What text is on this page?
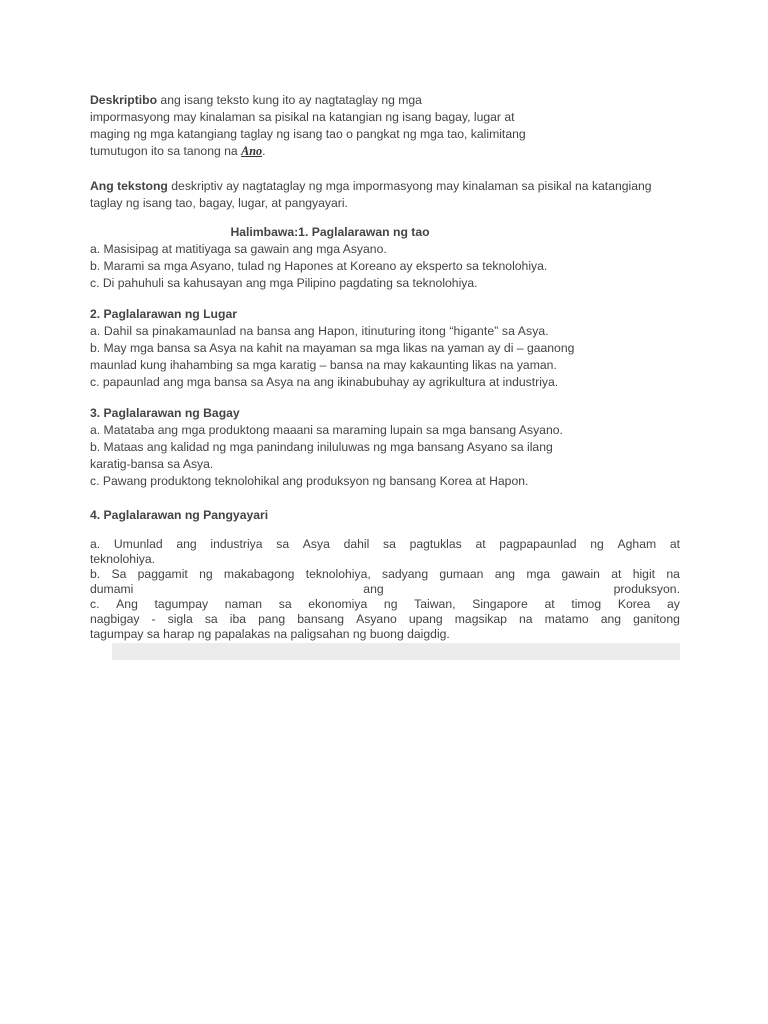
Deskriptibo ang isang teksto kung ito ay nagtataglay ng mga
impormasyong may kinalaman sa pisikal na katangian ng isang bagay, lugar at
maging ng mga katangiang taglay ng isang tao o pangkat ng mga tao, kalimitang
tumutugon ito sa tanong na Ano.
Ang tekstong deskriptiv ay nagtataglay ng mga impormasyong may kinalaman sa pisikal na katangiang
taglay ng isang tao, bagay, lugar, at pangyayari.
Halimbawa:1. Paglalarawan ng tao
a. Masisipag at matitiyaga sa gawain ang mga Asyano.
b. Marami sa mga Asyano, tulad ng Hapones at Koreano ay eksperto sa teknolohiya.
c. Di pahuhuli sa kahusayan ang mga Pilipino pagdating sa teknolohiya.
2. Paglalarawan ng Lugar
a. Dahil sa pinakamaunlad na bansa ang Hapon, itinuturing itong “higante” sa Asya.
b. May mga bansa sa Asya na kahit na mayaman sa mga likas na yaman ay di – gaanong
maunlad kung ihahambing sa mga karatig – bansa na may kakaunting likas na yaman.
c. papaunlad ang mga bansa sa Asya na ang ikinabubuhay ay agrikultura at industriya.
3. Paglalarawan ng Bagay
a. Matataba ang mga produktong maaani sa maraming lupain sa mga bansang Asyano.
b. Mataas ang kalidad ng mga panindang iniluluwas ng mga bansang Asyano sa ilang
karatig-bansa sa Asya.
c. Pawang produktong teknolohikal ang produksyon ng bansang Korea at Hapon.
4. Paglalarawan ng Pangyayari
a. Umunlad ang industriya sa Asya dahil sa pagtuklas at pagpapaunlad ng Agham at
teknolohiya.
b. Sa paggamit ng makabagong teknolohiya, sadyang gumaan ang mga gawain at higit na
dumami	ang	produksyon.
c. Ang tagumpay naman sa ekonomiya ng Taiwan, Singapore at timog Korea ay
nagbigay - sigla sa iba pang bansang Asyano upang magsikap na matamo ang ganitong
tagumpay sa harap ng papalakas na paligsahan ng buong daigdig.
